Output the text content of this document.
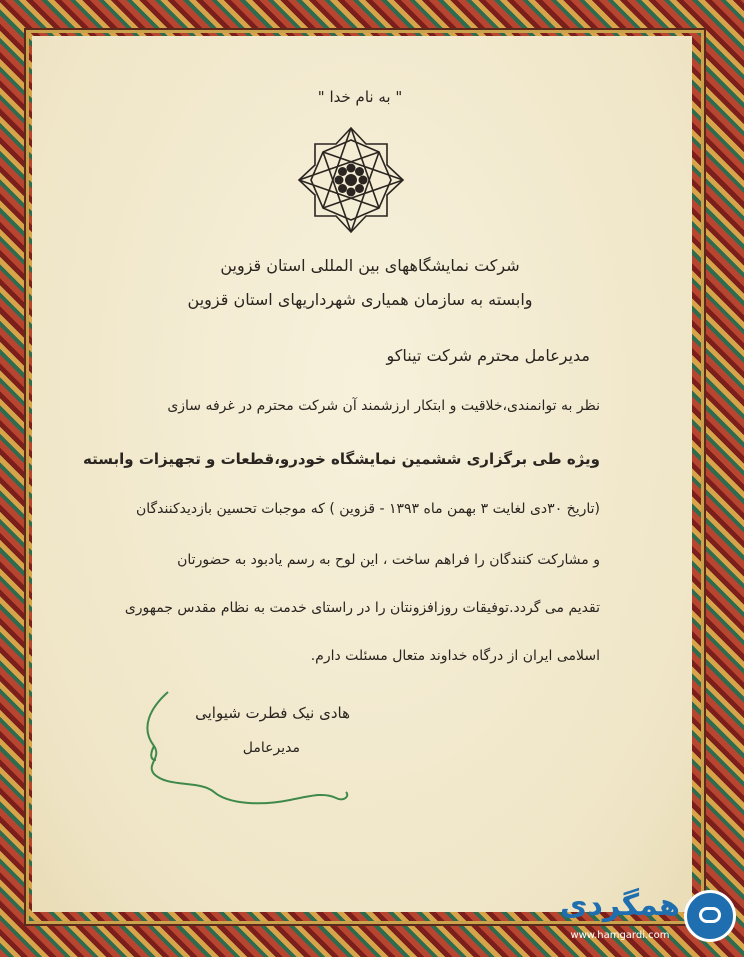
" به نام خدا "
شرکت نمایشگاههای بین المللی استان قزوین
وابسته به سازمان همیاری شهرداریهای استان قزوین
مدیرعامل محترم شرکت تیناکو
نظر به توانمندی،خلاقیت و ابتکار ارزشمند آن شرکت محترم در غرفه سازی
ویژه طی برگزاری ششمین نمایشگاه خودرو،قطعات و تجهیزات وابسته
(تاریخ ۳۰دی لغایت ۳ بهمن ماه ۱۳۹۳ - قزوین ) که موجبات تحسین بازدیدکنندگان
و مشارکت کنندگان را فراهم ساخت ، این لوح به رسم یادبود به حضورتان
تقدیم می گردد.توفیقات روزافزونتان را در راستای خدمت به نظام مقدس جمهوری
اسلامی ایران از درگاه خداوند متعال مسئلت دارم.
هادی نیک فطرت شیوایی
مدیرعامل
همگردی
www.hamgardi.com
